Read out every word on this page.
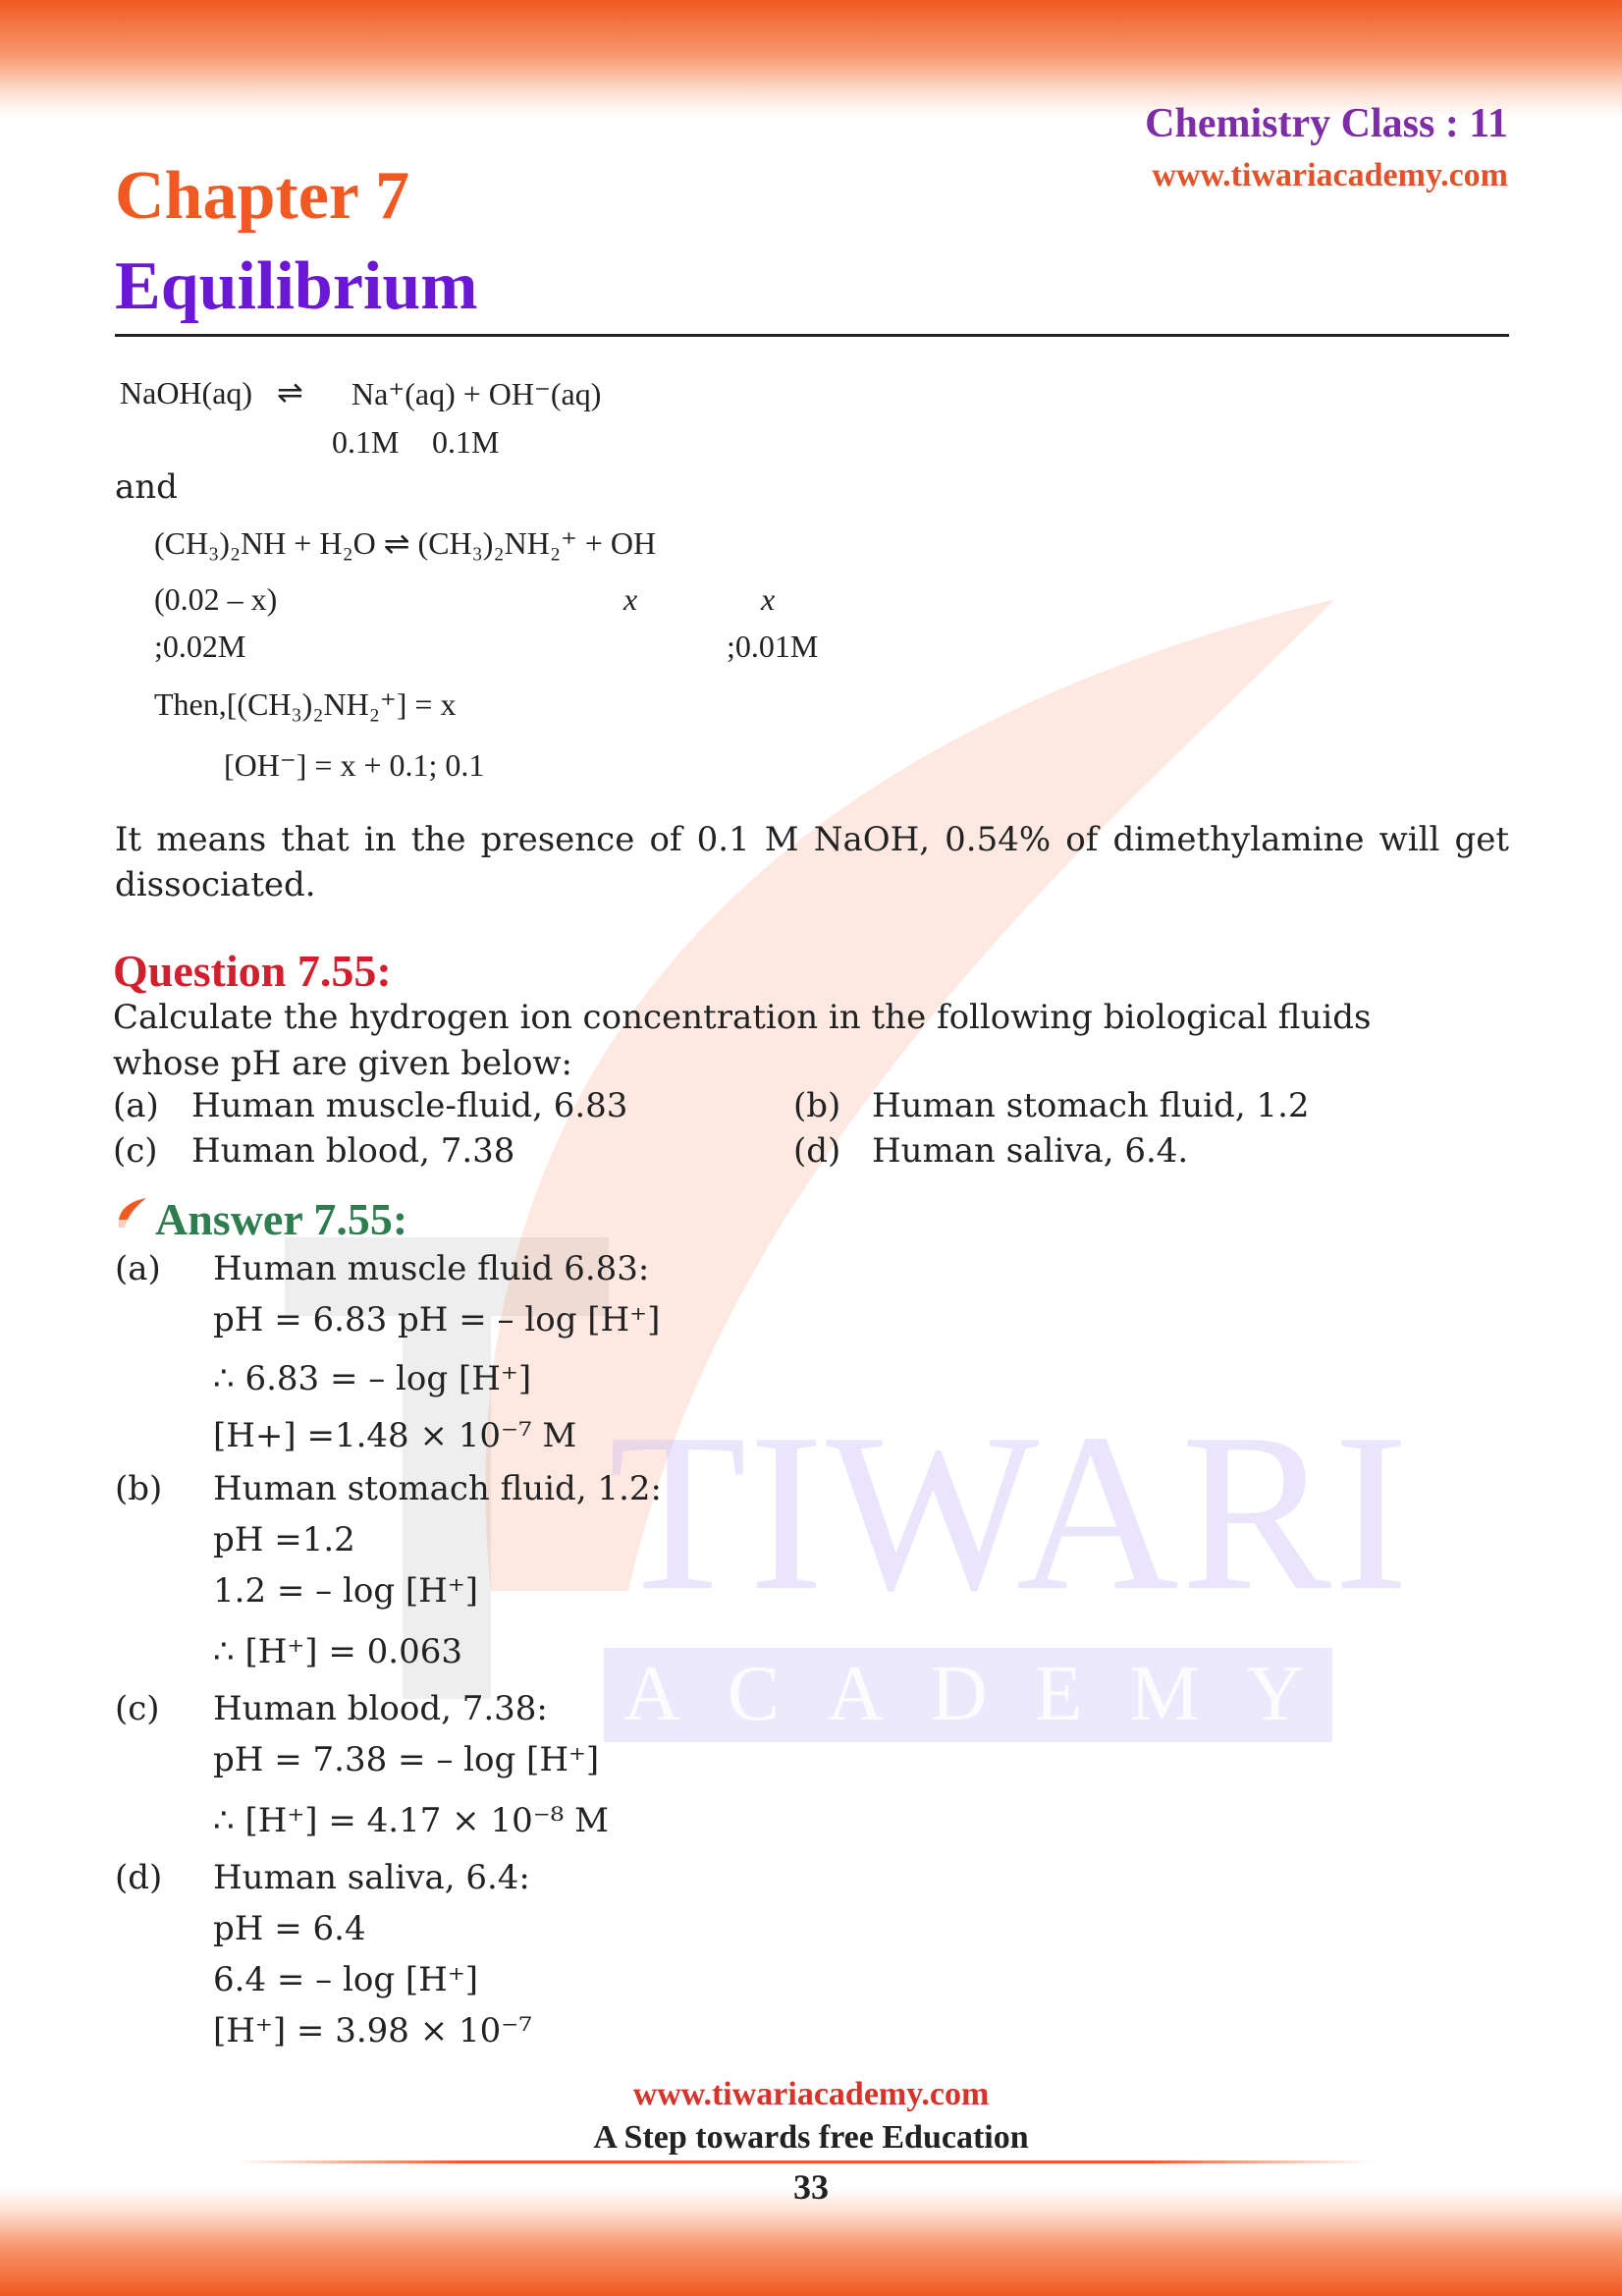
TIWARI
ACADEMY
Chemistry Class : 11
www.tiwariacademy.com
Chapter 7
Equilibrium
NaOH(aq) ⇌ Na⁺(aq) + OH⁻(aq)
0.1M 0.1M
and
(CH₃)₂NH + H₂O ⇌ (CH₃)₂NH₂⁺ + OH
(0.02 – x)	x	x
;0.02M	;0.01M
Then,[(CH₃)₂NH₂⁺] = x
[OH⁻] = x + 0.1; 0.1
It means that in the presence of 0.1 M NaOH, 0.54% of dimethylamine will get dissociated.
Question 7.55:
Calculate the hydrogen ion concentration in the following biological fluids whose pH are given below:
(a) Human muscle-fluid, 6.83	(b) Human stomach fluid, 1.2
(c) Human blood, 7.38	(d) Human saliva, 6.4.
Answer 7.55:
(a) Human muscle fluid 6.83:
pH = 6.83 pH = – log [H⁺]
∴ 6.83 = – log [H⁺]
[H+] =1.48 × 10⁻⁷ M
(b) Human stomach fluid, 1.2:
pH =1.2
1.2 = – log [H⁺]
∴ [H⁺] = 0.063
(c) Human blood, 7.38:
pH = 7.38 = – log [H⁺]
∴ [H⁺] = 4.17 × 10⁻⁸ M
(d) Human saliva, 6.4:
pH = 6.4
6.4 = – log [H⁺]
[H⁺] = 3.98 × 10⁻⁷
www.tiwariacademy.com
A Step towards free Education
33
